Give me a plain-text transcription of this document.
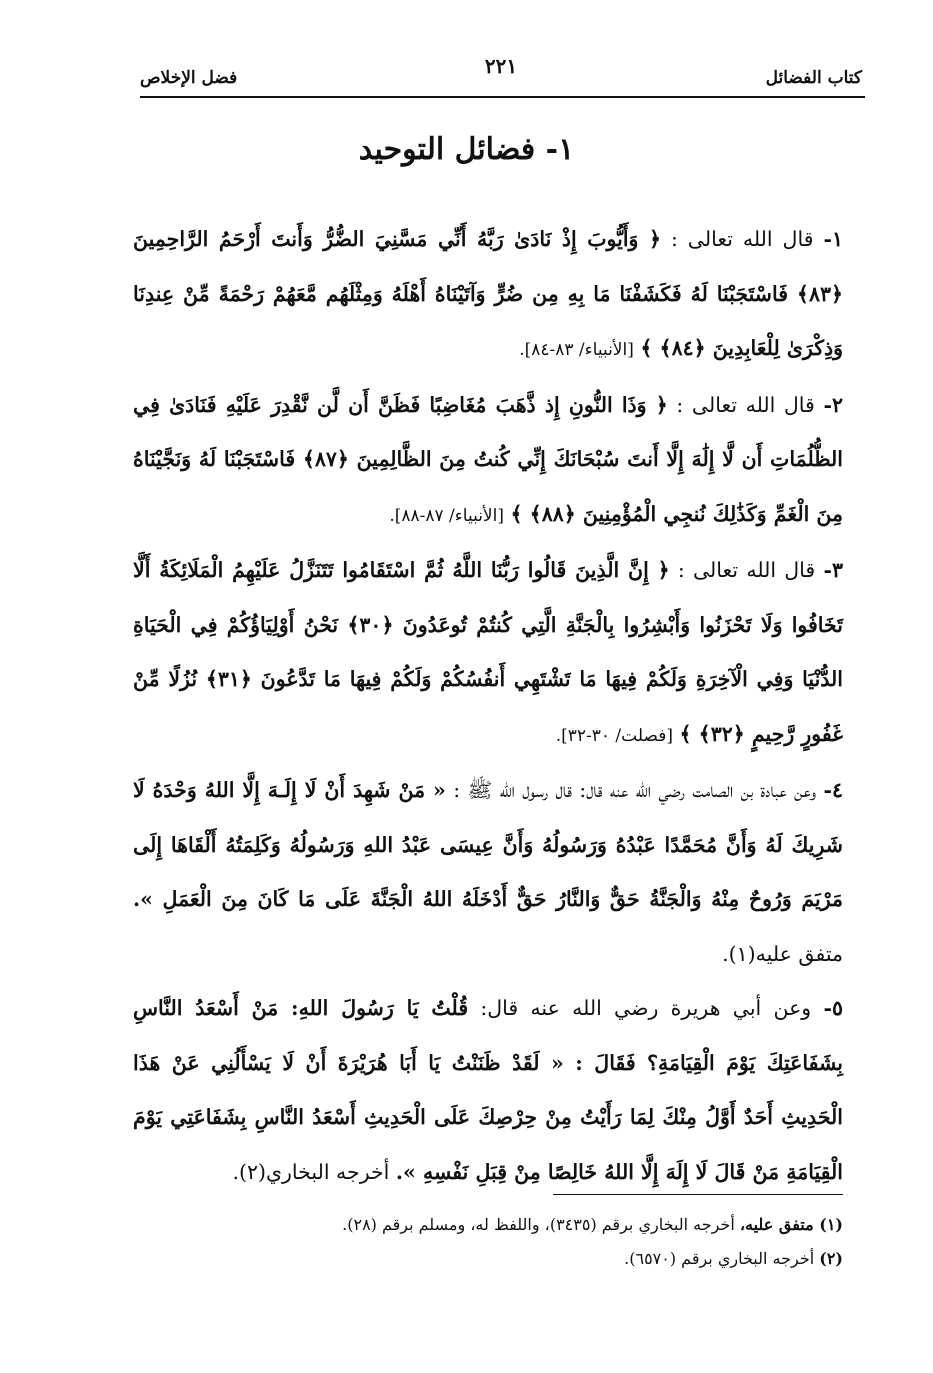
كتاب الفضائل
٢٢١
فضل الإخلاص
١- فضائل التوحيد

١- قال الله تعالى : ﴿ وَأَيُّوبَ إِذْ نَادَىٰ رَبَّهُ أَنِّي مَسَّنِيَ الضُّرُّ وَأَنتَ أَرْحَمُ الرَّاحِمِينَ ﴿٨٣﴾ فَاسْتَجَبْنَا لَهُ فَكَشَفْنَا مَا بِهِ مِن ضُرٍّ وَآتَيْنَاهُ أَهْلَهُ وَمِثْلَهُم مَّعَهُمْ رَحْمَةً مِّنْ عِندِنَا وَذِكْرَىٰ لِلْعَابِدِينَ ﴿٨٤﴾ ﴾ [الأنبياء/ ٨٣-٨٤].

٢- قال الله تعالى : ﴿ وَذَا النُّونِ إِذ ذَّهَبَ مُغَاضِبًا فَظَنَّ أَن لَّن نَّقْدِرَ عَلَيْهِ فَنَادَىٰ فِي الظُّلُمَاتِ أَن لَّا إِلَٰهَ إِلَّا أَنتَ سُبْحَانَكَ إِنِّي كُنتُ مِنَ الظَّالِمِينَ ﴿٨٧﴾ فَاسْتَجَبْنَا لَهُ وَنَجَّيْنَاهُ مِنَ الْغَمِّ وَكَذَٰلِكَ نُنجِي الْمُؤْمِنِينَ ﴿٨٨﴾ ﴾ [الأنبياء/ ٨٧-٨٨].

٣- قال الله تعالى : ﴿ إِنَّ الَّذِينَ قَالُوا رَبُّنَا اللَّهُ ثُمَّ اسْتَقَامُوا تَتَنَزَّلُ عَلَيْهِمُ الْمَلَائِكَةُ أَلَّا تَخَافُوا وَلَا تَحْزَنُوا وَأَبْشِرُوا بِالْجَنَّةِ الَّتِي كُنتُمْ تُوعَدُونَ ﴿٣٠﴾ نَحْنُ أَوْلِيَاؤُكُمْ فِي الْحَيَاةِ الدُّنْيَا وَفِي الْآخِرَةِ وَلَكُمْ فِيهَا مَا تَشْتَهِي أَنفُسُكُمْ وَلَكُمْ فِيهَا مَا تَدَّعُونَ ﴿٣١﴾ نُزُلًا مِّنْ غَفُورٍ رَّحِيمٍ ﴿٣٢﴾ ﴾ [فصلت/ ٣٠-٣٢].

٤- وعن عبادة بن الصامت رضي الله عنه قال: قال رسول الله ﷺ : « مَنْ شَهِدَ أَنْ لَا إِلَـهَ إِلَّا اللهُ وَحْدَهُ لَا شَرِيكَ لَهُ وَأَنَّ مُحَمَّدًا عَبْدُهُ وَرَسُولُهُ وَأَنَّ عِيسَى عَبْدُ اللهِ وَرَسُولُهُ وَكَلِمَتُهُ أَلْقَاهَا إِلَى مَرْيَمَ وَرُوحٌ مِنْهُ وَالْجَنَّةُ حَقٌّ وَالنَّارُ حَقٌّ أَدْخَلَهُ اللهُ الْجَنَّةَ عَلَى مَا كَانَ مِنَ الْعَمَلِ ». متفق عليه(١).

٥- وعن أبي هريرة رضي الله عنه قال: قُلْتُ يَا رَسُولَ اللهِ: مَنْ أَسْعَدُ النَّاسِ بِشَفَاعَتِكَ يَوْمَ الْقِيَامَةِ؟ فَقَالَ : « لَقَدْ ظَنَنْتُ يَا أَبَا هُرَيْرَةَ أَنْ لَا يَسْأَلُنِي عَنْ هَذَا الْحَدِيثِ أَحَدٌ أَوَّلُ مِنْكَ لِمَا رَأَيْتُ مِنْ حِرْصِكَ عَلَى الْحَدِيثِ أَسْعَدُ النَّاسِ بِشَفَاعَتِي يَوْمَ الْقِيَامَةِ مَنْ قَالَ لَا إِلَهَ إِلَّا اللهُ خَالِصًا مِنْ قِبَلِ نَفْسِهِ ». أخرجه البخاري(٢).

(١) متفق عليه، أخرجه البخاري برقم (٣٤٣٥)، واللفظ له، ومسلم برقم (٢٨).

(٢) أخرجه البخاري برقم (٦٥٧٠).
